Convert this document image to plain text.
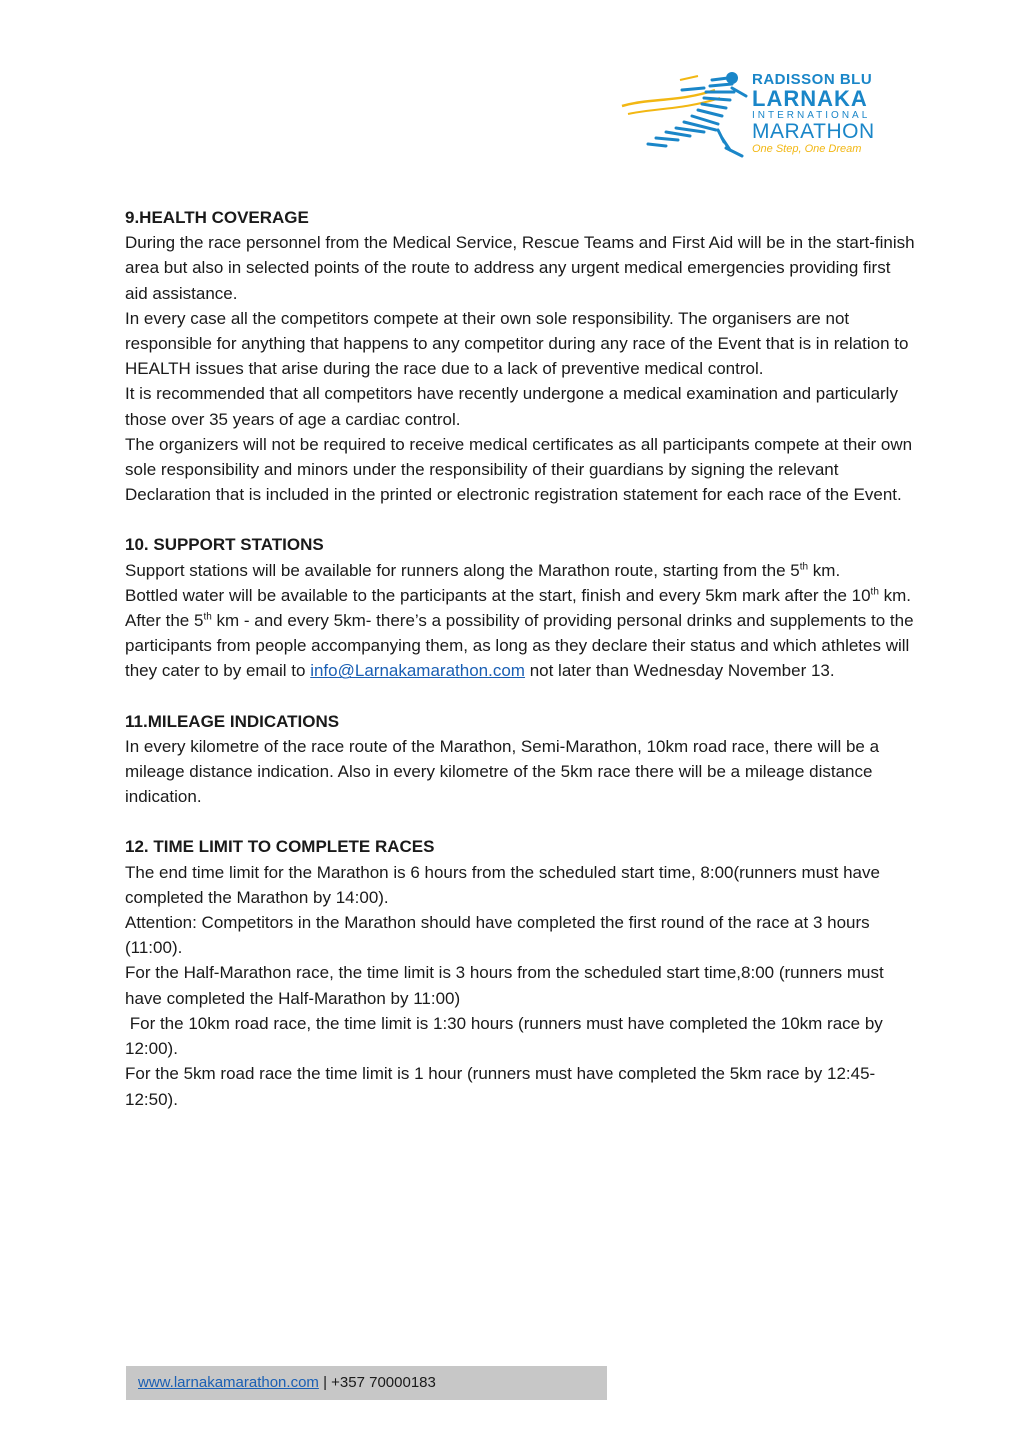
RADISSON BLU
LARNAKA
INTERNATIONAL
MARATHON
One Step, One Dream
9.HEALTH COVERAGE

During the race personnel from the Medical Service, Rescue Teams and First Aid will be in the start-finish area but also in selected points of the route to address any urgent medical emergencies providing first aid assistance.

In every case all the competitors compete at their own sole responsibility. The organisers are not responsible for anything that happens to any competitor during any race of the Event that is in relation to HEALTH issues that arise during the race due to a lack of preventive medical control.

It is recommended that all competitors have recently undergone a medical examination and particularly those over 35 years of age a cardiac control.

The organizers will not be required to receive medical certificates as all participants compete at their own sole responsibility and minors under the responsibility of their guardians by signing the relevant Declaration that is included in the printed or electronic registration statement for each race of the Event.

10. SUPPORT STATIONS

Support stations will be available for runners along the Marathon route, starting from the 5th km.

Bottled water will be available to the participants at the start, finish and every 5km mark after the 10th km.

After the 5th km - and every 5km- there’s a possibility of providing personal drinks and supplements to the participants from people accompanying them, as long as they declare their status and which athletes will they cater to by email to info@Larnakamarathon.com not later than Wednesday November 13.

11.MILEAGE INDICATIONS

In every kilometre of the race route of the Marathon, Semi-Marathon, 10km road race, there will be a mileage distance indication. Also in every kilometre of the 5km race there will be a mileage distance indication.

12. TIME LIMIT TO COMPLETE RACES

The end time limit for the Marathon is 6 hours from the scheduled start time, 8:00(runners must have completed the Marathon by 14:00).

Attention: Competitors in the Marathon should have completed the first round of the race at 3 hours (11:00).

For the Half-Marathon race, the time limit is 3 hours from the scheduled start time,8:00 (runners must have completed the Half-Marathon by 11:00)

For the 10km road race, the time limit is 1:30 hours (runners must have completed the 10km race by 12:00).

For the 5km road race the time limit is 1 hour (runners must have completed the 5km race by 12:45-12:50).

www.larnakamarathon.com | +357 70000183
